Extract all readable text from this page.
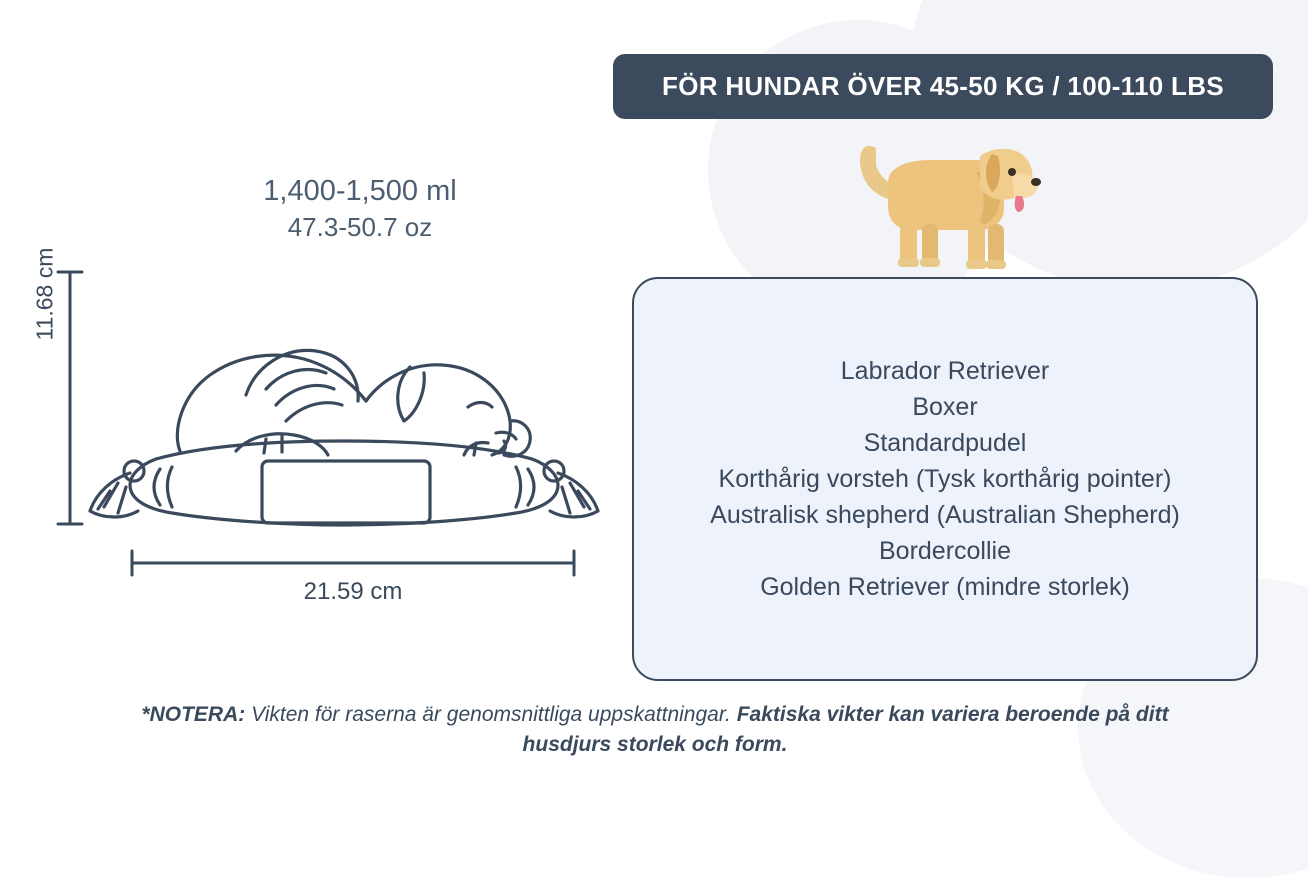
FÖR HUNDAR ÖVER 45-50 KG / 100-110 LBS
1,400-1,500 ml
47.3-50.7 oz
11.68 cm
21.59 cm
Labrador Retriever
Boxer
Standardpudel
Korthårig vorsteh (Tysk korthårig pointer)
Australisk shepherd (Australian Shepherd)
Bordercollie
Golden Retriever (mindre storlek)
*NOTERA: Vikten för raserna är genomsnittliga uppskattningar. Faktiska vikter kan variera beroende på ditt husdjurs storlek och form.
